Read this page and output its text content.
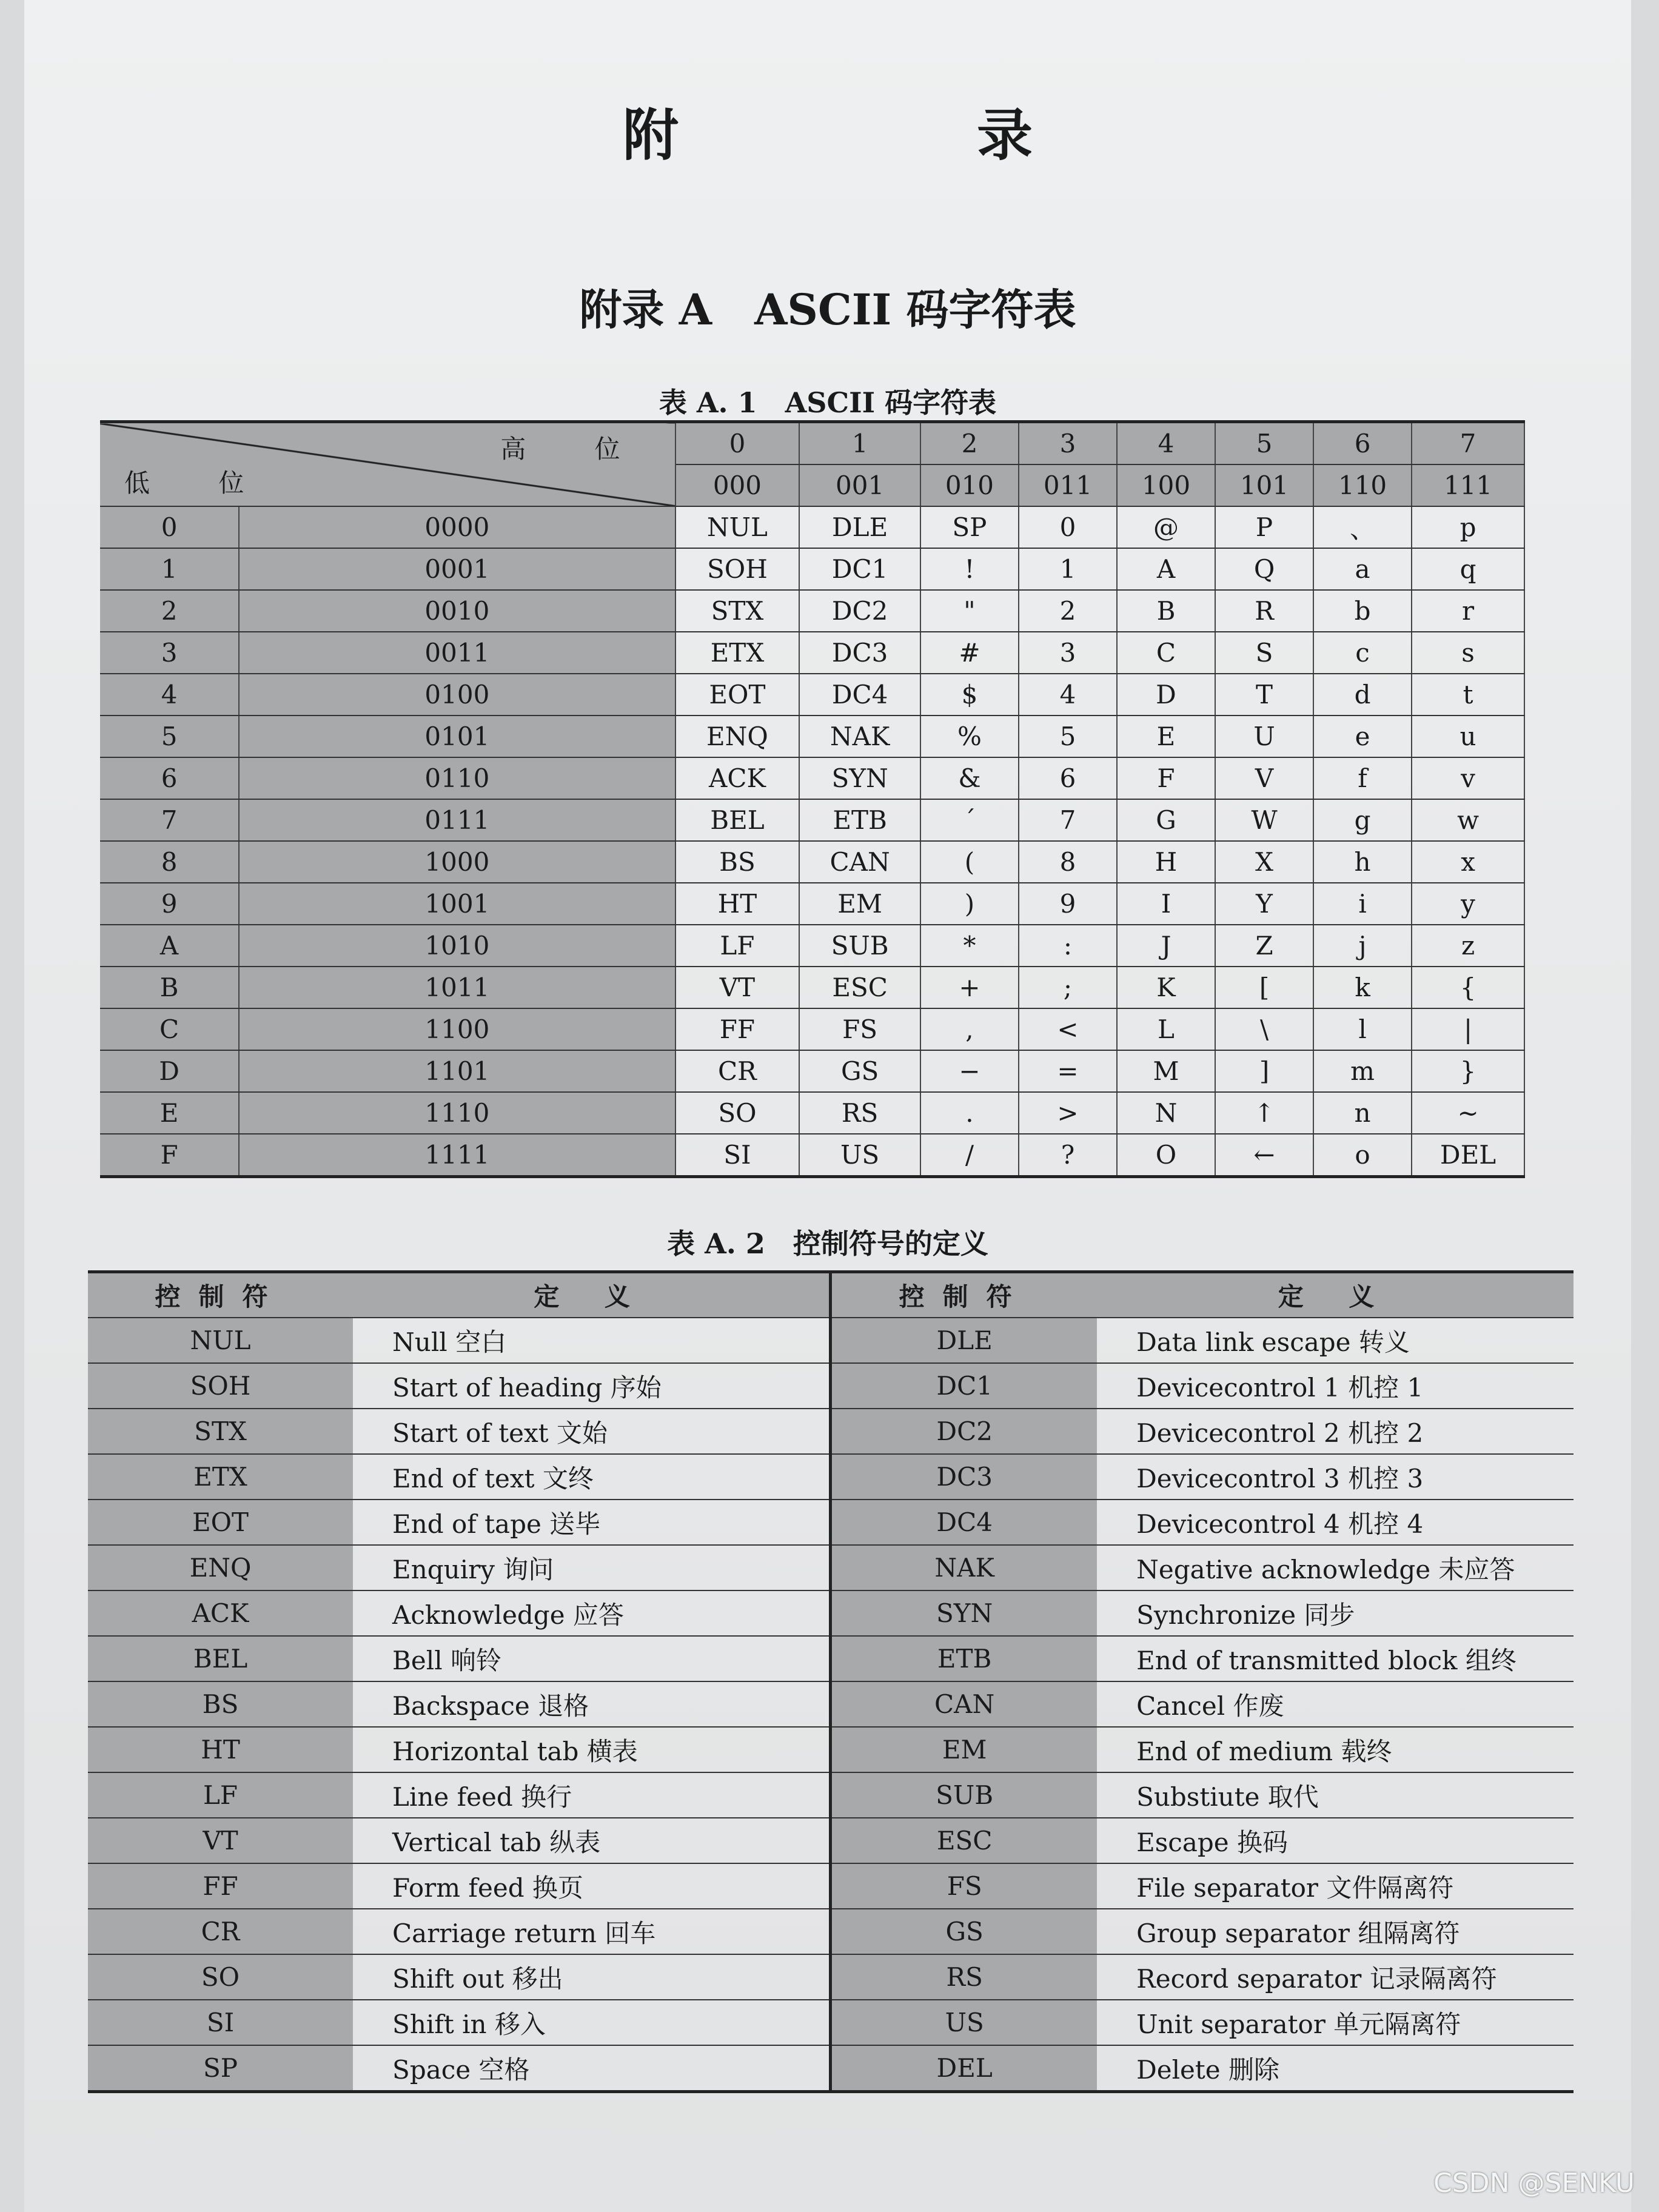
附 录
附录 A　ASCII 码字符表
表 A. 1　ASCII 码字符表
高 位
低 位		0	1	2	3	4	5	6	7
		000	001	010	011	100	101	110	111
0	0000	NUL	DLE	SP	0	@	P	、	p
1	0001	SOH	DC1	!	1	A	Q	a	q
2	0010	STX	DC2	"	2	B	R	b	r
3	0011	ETX	DC3	#	3	C	S	c	s
4	0100	EOT	DC4	$	4	D	T	d	t
5	0101	ENQ	NAK	%	5	E	U	e	u
6	0110	ACK	SYN	&	6	F	V	f	v
7	0111	BEL	ETB	´	7	G	W	g	w
8	1000	BS	CAN	(	8	H	X	h	x
9	1001	HT	EM	)	9	I	Y	i	y
A	1010	LF	SUB	*	:	J	Z	j	z
B	1011	VT	ESC	+	;	K	[	k	{
C	1100	FF	FS	,	<	L	\	l	|
D	1101	CR	GS	−	=	M	]	m	}
E	1110	SO	RS	.	>	N	↑	n	~
F	1111	SI	US	/	?	O	←	o	DEL
表 A. 2　控制符号的定义
控制符	定 义	控制符	定 义
NUL	Null 空白	DLE	Data link escape 转义
SOH	Start of heading 序始	DC1	Devicecontrol 1 机控 1
STX	Start of text 文始	DC2	Devicecontrol 2 机控 2
ETX	End of text 文终	DC3	Devicecontrol 3 机控 3
EOT	End of tape 送毕	DC4	Devicecontrol 4 机控 4
ENQ	Enquiry 询问	NAK	Negative acknowledge 未应答
ACK	Acknowledge 应答	SYN	Synchronize 同步
BEL	Bell 响铃	ETB	End of transmitted block 组终
BS	Backspace 退格	CAN	Cancel 作废
HT	Horizontal tab 横表	EM	End of medium 载终
LF	Line feed 换行	SUB	Substiute 取代
VT	Vertical tab 纵表	ESC	Escape 换码
FF	Form feed 换页	FS	File separator 文件隔离符
CR	Carriage return 回车	GS	Group separator 组隔离符
SO	Shift out 移出	RS	Record separator 记录隔离符
SI	Shift in 移入	US	Unit separator 单元隔离符
SP	Space 空格	DEL	Delete 删除
CSDN @SENKU
